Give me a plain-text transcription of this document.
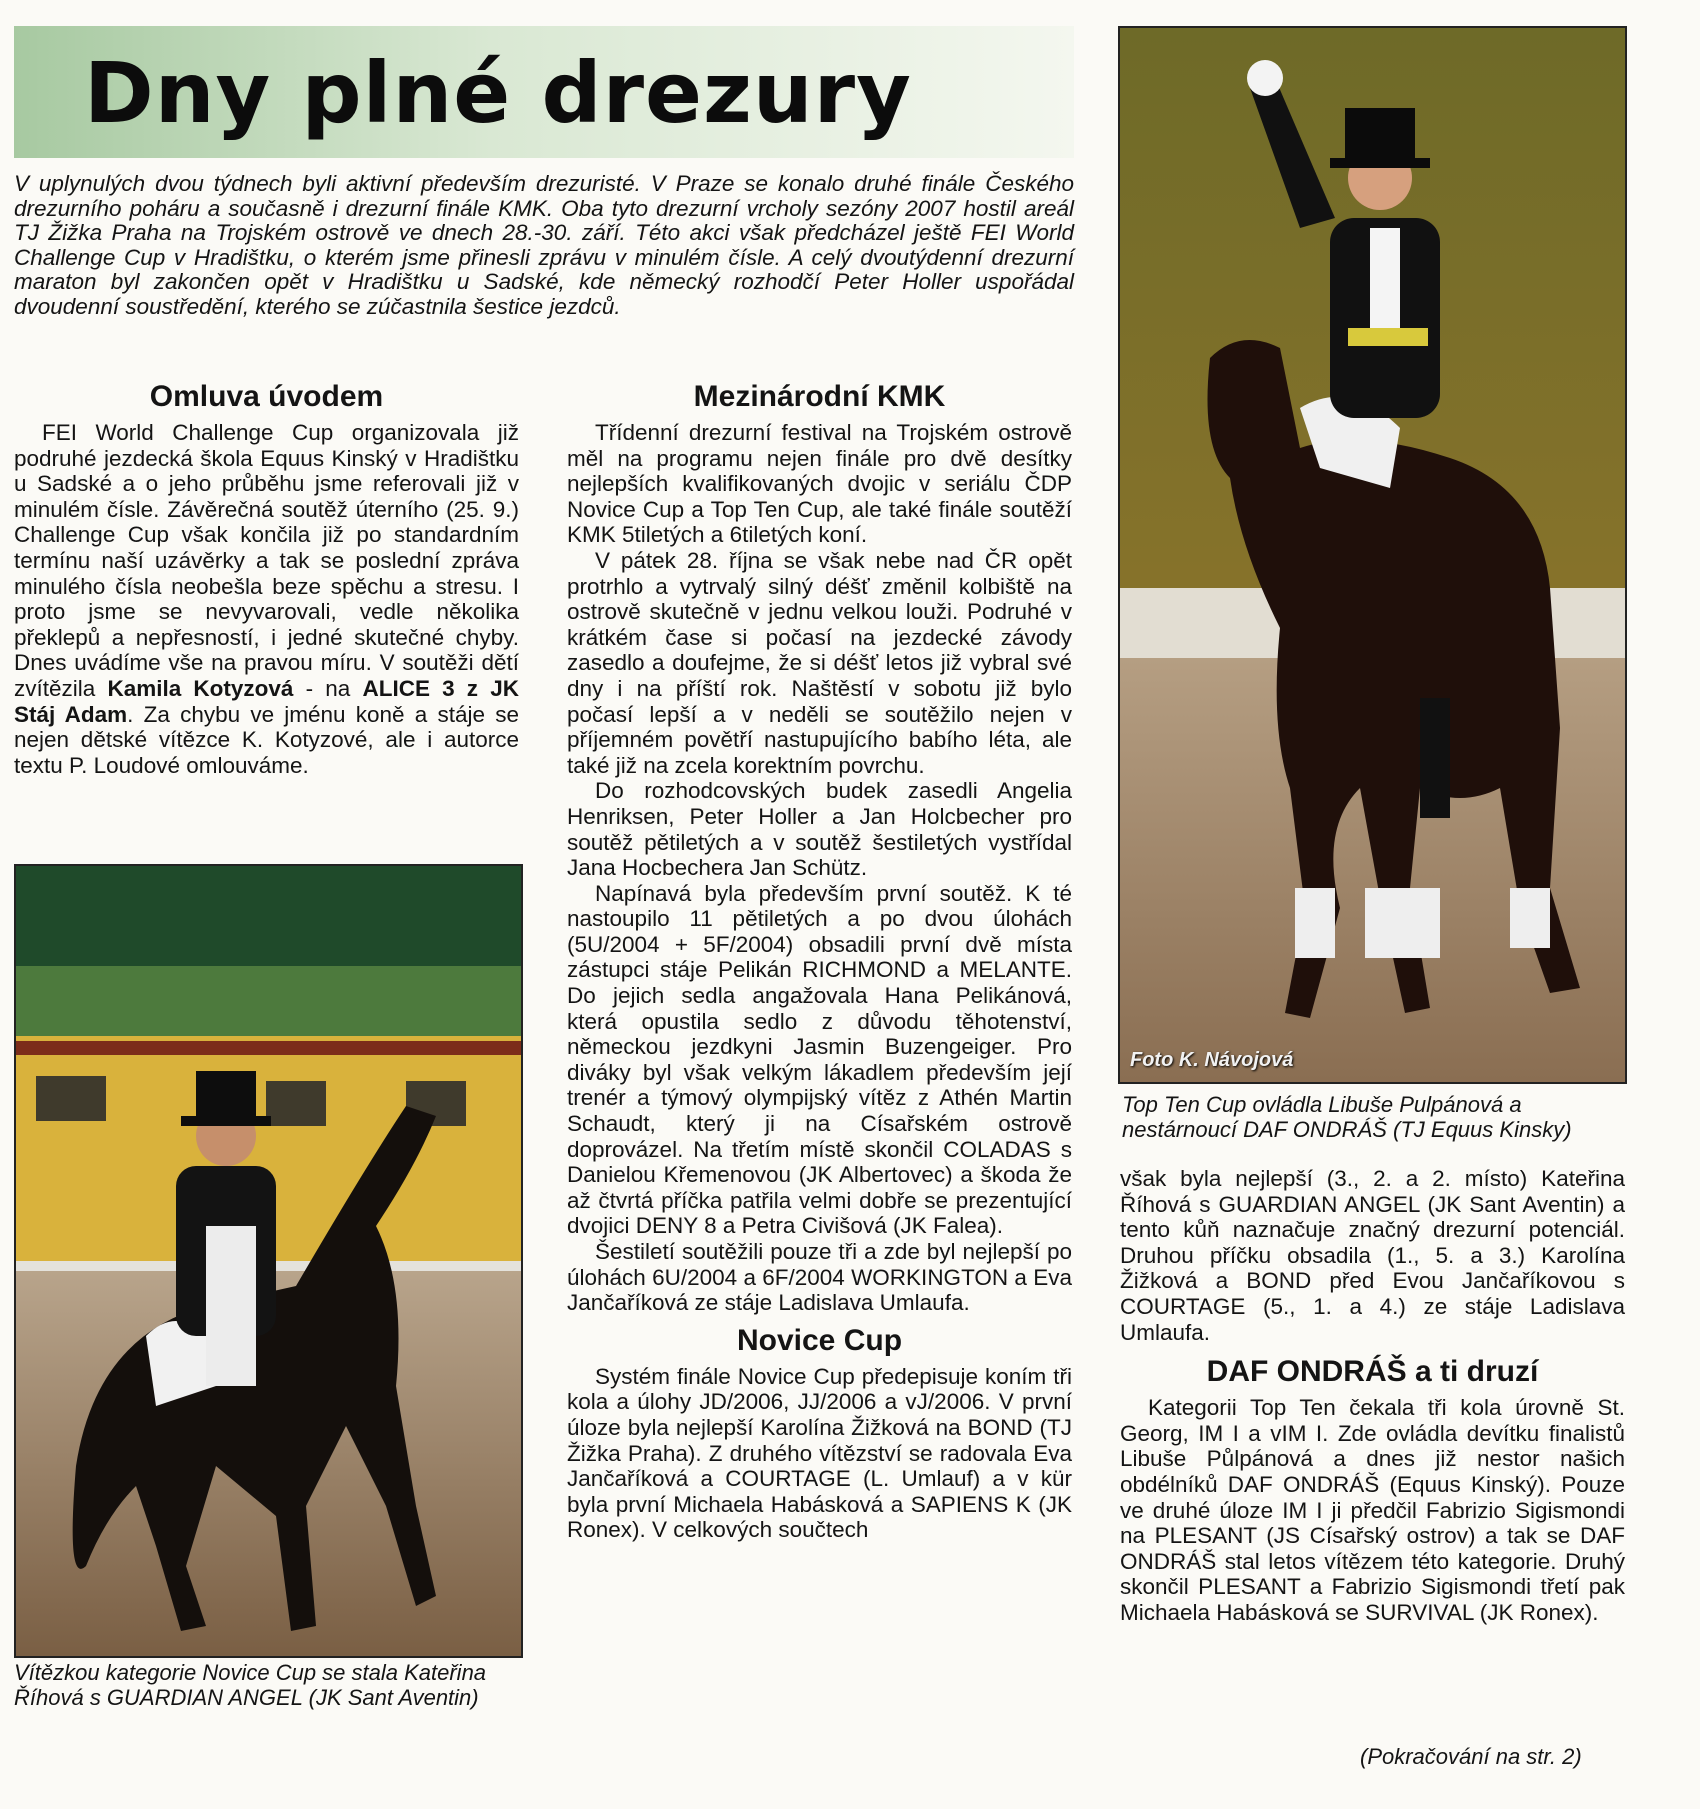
Dny plné drezury

V uplynulých dvou týdnech byli aktivní především drezuristé. V Praze se konalo druhé finále Českého drezurního poháru a současně i drezurní finále KMK. Oba tyto drezurní vrcholy sezóny 2007 hostil areál TJ Žižka Praha na Trojském ostrově ve dnech 28.-30. září. Této akci však předcházel ještě FEI World Challenge Cup v Hradištku, o kterém jsme přinesli zprávu v minulém čísle. A celý dvoutýdenní drezurní maraton byl zakončen opět v Hradištku u Sadské, kde německý rozhodčí Peter Holler uspořádal dvoudenní soustředění, kterého se zúčastnila šestice jezdců.

Omluva úvodem

FEI World Challenge Cup organizovala již podruhé jezdecká škola Equus Kinský v Hradištku u Sadské a o jeho průběhu jsme referovali již v minulém čísle. Závěrečná soutěž úterního (25. 9.) Challenge Cup však končila již po standardním termínu naší uzávěrky a tak se poslední zpráva minulého čísla neobešla beze spěchu a stresu. I proto jsme se nevyvarovali, vedle několika překlepů a nepřesností, i jedné skutečné chyby. Dnes uvádíme vše na pravou míru. V soutěži dětí zvítězila Kamila Kotyzová - na ALICE 3 z JK Stáj Adam. Za chybu ve jménu koně a stáje se nejen dětské vítězce K. Kotyzové, ale i autorce textu P. Loudové omlouváme.

Vítězkou kategorie Novice Cup se stala Kateřina Říhová s GUARDIAN ANGEL (JK Sant Aventin)

Mezinárodní KMK

Třídenní drezurní festival na Trojském ostrově měl na programu nejen finále pro dvě desítky nejlepších kvalifikovaných dvojic v seriálu ČDP Novice Cup a Top Ten Cup, ale také finále soutěží KMK 5tiletých a 6tiletých koní.

V pátek 28. října se však nebe nad ČR opět protrhlo a vytrvalý silný déšť změnil kolbiště na ostrově skutečně v jednu velkou louži. Podruhé v krátkém čase si počasí na jezdecké závody zasedlo a doufejme, že si déšť letos již vybral své dny i na příští rok. Naštěstí v sobotu již bylo počasí lepší a v neděli se soutěžilo nejen v příjemném povětří nastupujícího babího léta, ale také již na zcela korektním povrchu.

Do rozhodcovských budek zasedli Angelia Henriksen, Peter Holler a Jan Holcbecher pro soutěž pětiletých a v soutěž šestiletých vystřídal Jana Hocbechera Jan Schütz.

Napínavá byla především první soutěž. K té nastoupilo 11 pětiletých a po dvou úlohách (5U/2004 + 5F/2004) obsadili první dvě místa zástupci stáje Pelikán RICHMOND a MELANTE. Do jejich sedla angažovala Hana Pelikánová, která opustila sedlo z důvodu těhotenství, německou jezdkyni Jasmin Buzengeiger. Pro diváky byl však velkým lákadlem především její trenér a týmový olympijský vítěz z Athén Martin Schaudt, který ji na Císařském ostrově doprovázel. Na třetím místě skončil COLADAS s Danielou Křemenovou (JK Albertovec) a škoda že až čtvrtá příčka patřila velmi dobře se prezentující dvojici DENY 8 a Petra Civišová (JK Falea).

Šestiletí soutěžili pouze tři a zde byl nejlepší po úlohách 6U/2004 a 6F/2004 WORKINGTON a Eva Jančaříková ze stáje Ladislava Umlaufa.

Novice Cup

Systém finále Novice Cup předepisuje koním tři kola a úlohy JD/2006, JJ/2006 a vJ/2006. V první úloze byla nejlepší Karolína Žižková na BOND (TJ Žižka Praha). Z druhého vítězství se radovala Eva Jančaříková a COURTAGE (L. Umlauf) a v kür byla první Michaela Habásková a SAPIENS K (JK Ronex). V celkových součtech

Foto K. Návojová

Top Ten Cup ovládla Libuše Pulpánová a nestárnoucí DAF ONDRÁŠ (TJ Equus Kinsky)

však byla nejlepší (3., 2. a 2. místo) Kateřina Říhová s GUARDIAN ANGEL (JK Sant Aventin) a tento kůň naznačuje značný drezurní potenciál. Druhou příčku obsadila (1., 5. a 3.) Karolína Žižková a BOND před Evou Jančaříkovou s COURTAGE (5., 1. a 4.) ze stáje Ladislava Umlaufa.

DAF ONDRÁŠ a ti druzí

Kategorii Top Ten čekala tři kola úrovně St. Georg, IM I a vIM I. Zde ovládla devítku finalistů Libuše Půlpánová a dnes již nestor našich obdélníků DAF ONDRÁŠ (Equus Kinský). Pouze ve druhé úloze IM I ji předčil Fabrizio Sigismondi na PLESANT (JS Císařský ostrov) a tak se DAF ONDRÁŠ stal letos vítězem této kategorie. Druhý skončil PLESANT a Fabrizio Sigismondi třetí pak Michaela Habásková se SURVIVAL (JK Ronex).

(Pokračování na str. 2)
